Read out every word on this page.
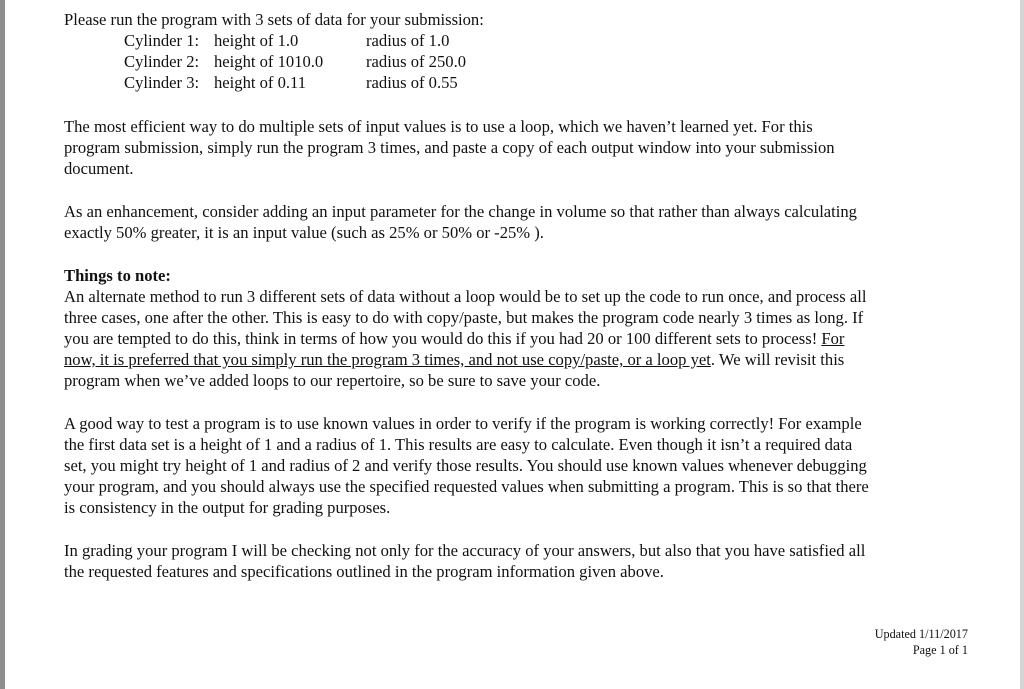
Please run the program with 3 sets of data for your submission:
Cylinder 1: height of 1.0	radius of 1.0
Cylinder 2: height of 1010.0	radius of 250.0
Cylinder 3: height of 0.11	radius of 0.55
The most efficient way to do multiple sets of input values is to use a loop, which we haven’t learned yet. For this
program submission, simply run the program 3 times, and paste a copy of each output window into your submission
document.
As an enhancement, consider adding an input parameter for the change in volume so that rather than always calculating
exactly 50% greater, it is an input value (such as 25% or 50% or -25% ).
Things to note:
An alternate method to run 3 different sets of data without a loop would be to set up the code to run once, and process all
three cases, one after the other. This is easy to do with copy/paste, but makes the program code nearly 3 times as long. If
you are tempted to do this, think in terms of how you would do this if you had 20 or 100 different sets to process! For
now, it is preferred that you simply run the program 3 times, and not use copy/paste, or a loop yet. We will revisit this
program when we’ve added loops to our repertoire, so be sure to save your code.
A good way to test a program is to use known values in order to verify if the program is working correctly! For example
the first data set is a height of 1 and a radius of 1. This results are easy to calculate. Even though it isn’t a required data
set, you might try height of 1 and radius of 2 and verify those results. You should use known values whenever debugging
your program, and you should always use the specified requested values when submitting a program. This is so that there
is consistency in the output for grading purposes.
In grading your program I will be checking not only for the accuracy of your answers, but also that you have satisfied all
the requested features and specifications outlined in the program information given above.
Updated 1/11/2017
Page 1 of 1
